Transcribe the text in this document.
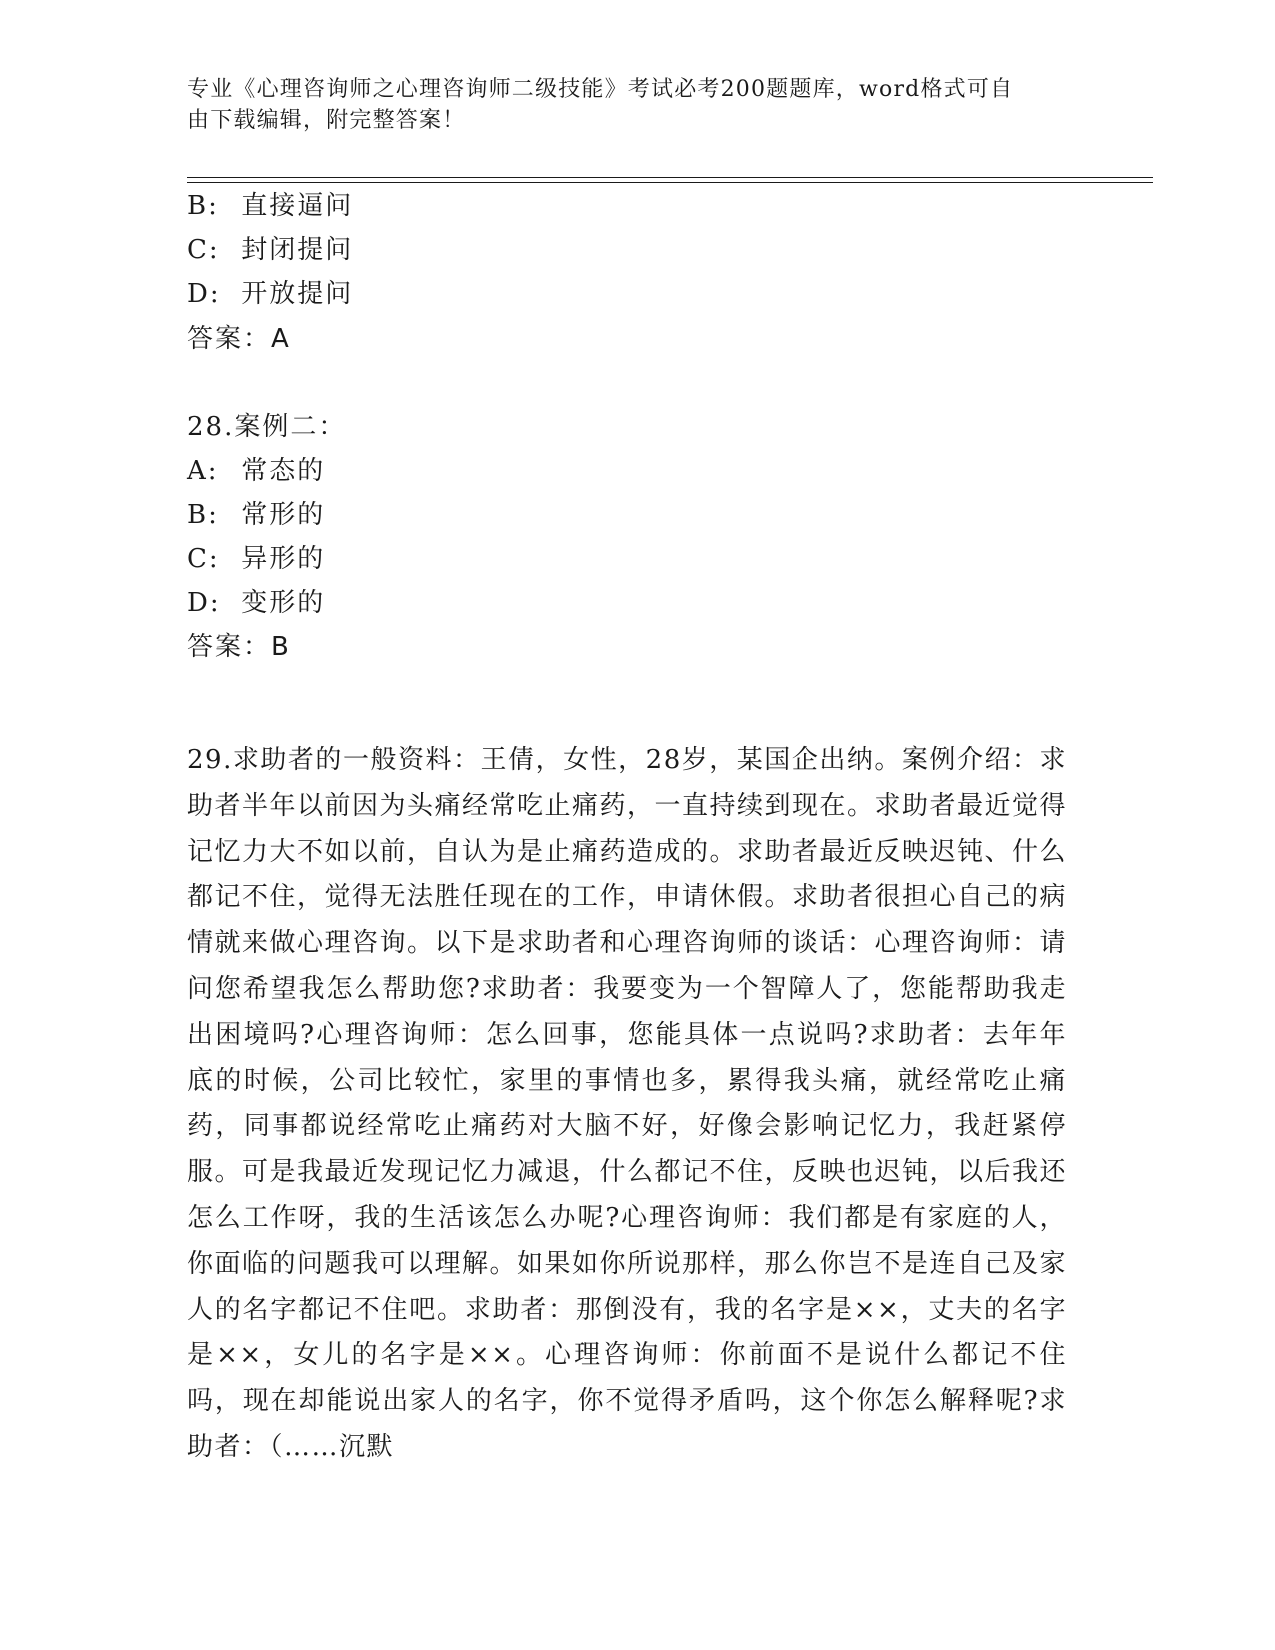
专业《心理咨询师之心理咨询师二级技能》考试必考200题题库，word格式可自
由下载编辑，附完整答案！
B: 直接逼问
C: 封闭提问
D: 开放提问
答案：A
28.案例二：
A: 常态的
B: 常形的
C: 异形的
D: 变形的
答案：B
29.求助者的一般资料：王倩，女性，28岁，某国企出纳。案例介绍：求助者半年以前因为头痛经常吃止痛药，一直持续到现在。求助者最近觉得记忆力大不如以前，自认为是止痛药造成的。求助者最近反映迟钝、什么都记不住，觉得无法胜任现在的工作，申请休假。求助者很担心自己的病情就来做心理咨询。以下是求助者和心理咨询师的谈话：心理咨询师：请问您希望我怎么帮助您?求助者：我要变为一个智障人了，您能帮助我走出困境吗?心理咨询师：怎么回事，您能具体一点说吗?求助者：去年年底的时候，公司比较忙，家里的事情也多，累得我头痛，就经常吃止痛药，同事都说经常吃止痛药对大脑不好，好像会影响记忆力，我赶紧停服。可是我最近发现记忆力减退，什么都记不住，反映也迟钝，以后我还怎么工作呀，我的生活该怎么办呢?心理咨询师：我们都是有家庭的人，你面临的问题我可以理解。如果如你所说那样，那么你岂不是连自己及家人的名字都记不住吧。求助者：那倒没有，我的名字是××，丈夫的名字是××，女儿的名字是××。心理咨询师：你前面不是说什么都记不住吗，现在却能说出家人的名字，你不觉得矛盾吗，这个你怎么解释呢?求助者：（……沉默
